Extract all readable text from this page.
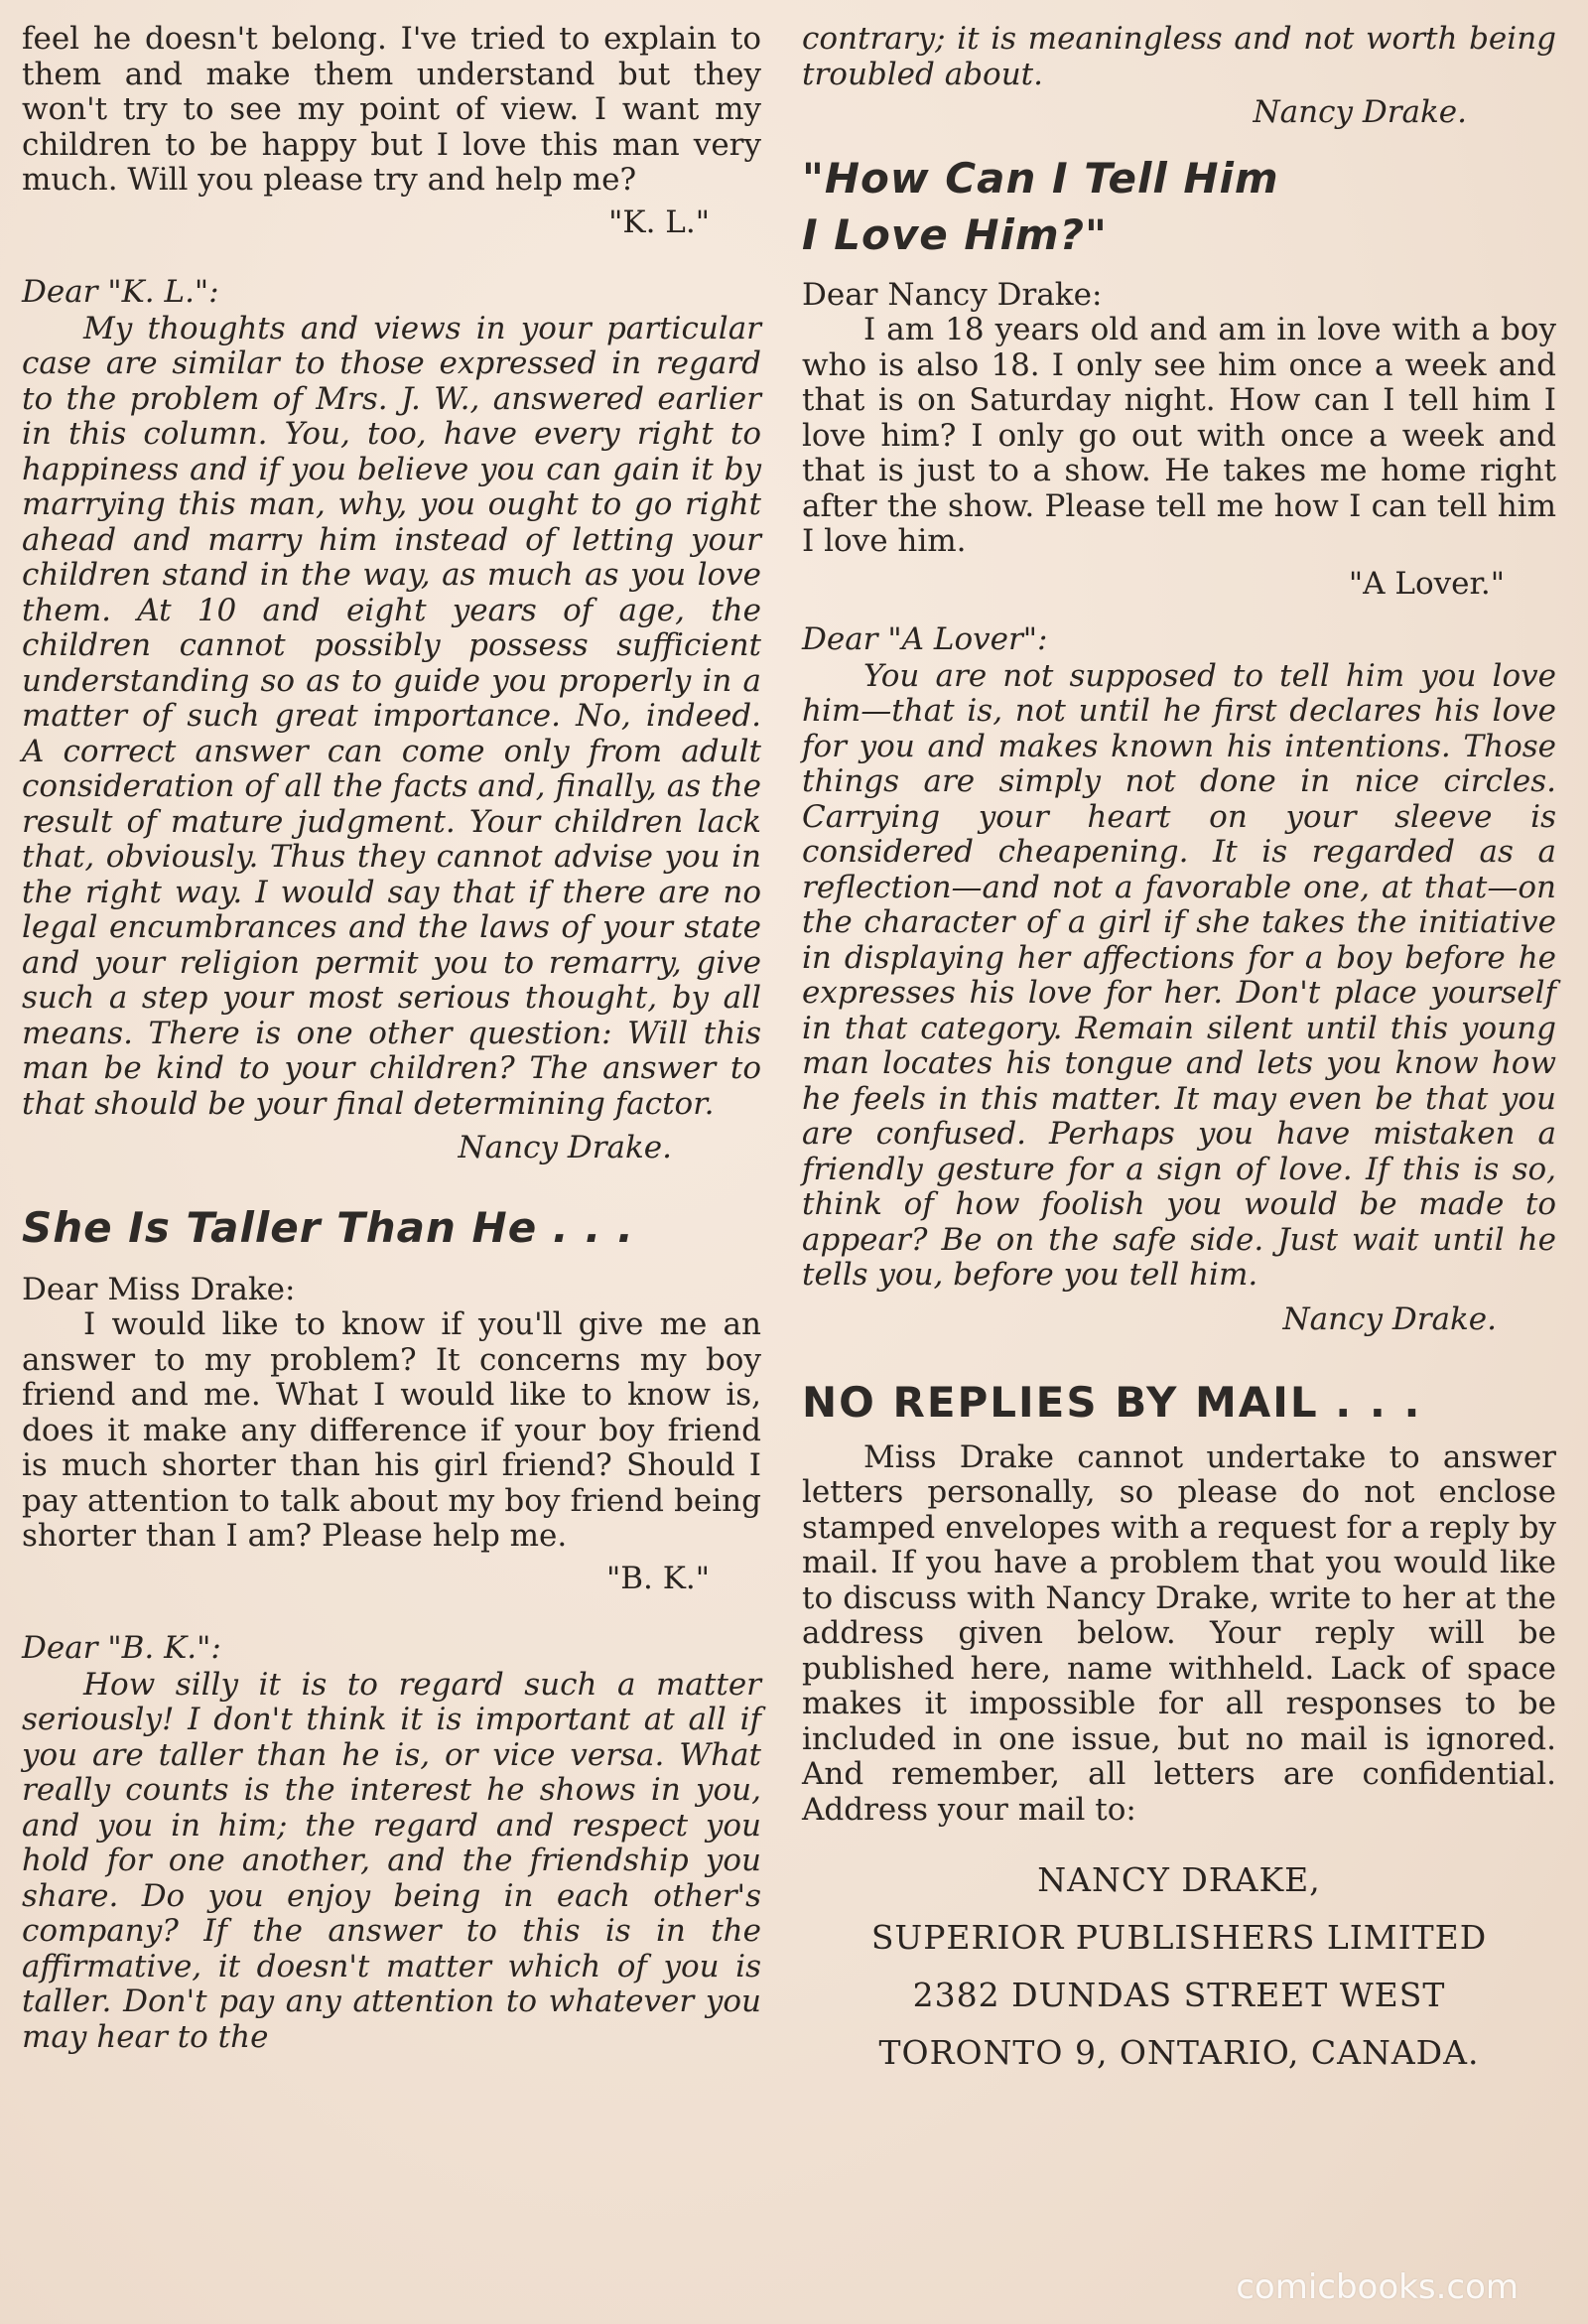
feel he doesn't belong. I've tried to explain to them and make them understand but they won't try to see my point of view. I want my children to be happy but I love this man very much. Will you please try and help me?

"K. L."

Dear "K. L.":

My thoughts and views in your particular case are similar to those expressed in regard to the problem of Mrs. J. W., answered earlier in this column. You, too, have every right to happiness and if you believe you can gain it by marrying this man, why, you ought to go right ahead and marry him instead of letting your children stand in the way, as much as you love them. At 10 and eight years of age, the children cannot possibly possess sufficient understanding so as to guide you properly in a matter of such great importance. No, indeed. A correct answer can come only from adult consideration of all the facts and, finally, as the result of mature judgment. Your children lack that, obviously. Thus they cannot advise you in the right way. I would say that if there are no legal encumbrances and the laws of your state and your religion permit you to remarry, give such a step your most serious thought, by all means. There is one other question: Will this man be kind to your children? The answer to that should be your final determining factor.

Nancy Drake.

She Is Taller Than He . . .

Dear Miss Drake:

I would like to know if you'll give me an answer to my problem? It concerns my boy friend and me. What I would like to know is, does it make any difference if your boy friend is much shorter than his girl friend? Should I pay attention to talk about my boy friend being shorter than I am? Please help me.

"B. K."

Dear "B. K.":

How silly it is to regard such a matter seriously! I don't think it is important at all if you are taller than he is, or vice versa. What really counts is the interest he shows in you, and you in him; the regard and respect you hold for one another, and the friendship you share. Do you enjoy being in each other's company? If the answer to this is in the affirmative, it doesn't matter which of you is taller. Don't pay any attention to whatever you may hear to the

contrary; it is meaningless and not worth being troubled about.

Nancy Drake.

"How Can I Tell Him
I Love Him?"

Dear Nancy Drake:

I am 18 years old and am in love with a boy who is also 18. I only see him once a week and that is on Saturday night. How can I tell him I love him? I only go out with once a week and that is just to a show. He takes me home right after the show. Please tell me how I can tell him I love him.

"A Lover."

Dear "A Lover":

You are not supposed to tell him you love him—that is, not until he first declares his love for you and makes known his intentions. Those things are simply not done in nice circles. Carrying your heart on your sleeve is considered cheapening. It is regarded as a reflection—and not a favorable one, at that—on the character of a girl if she takes the initiative in displaying her affections for a boy before he expresses his love for her. Don't place yourself in that category. Remain silent until this young man locates his tongue and lets you know how he feels in this matter. It may even be that you are confused. Perhaps you have mistaken a friendly gesture for a sign of love. If this is so, think of how foolish you would be made to appear? Be on the safe side. Just wait until he tells you, before you tell him.

Nancy Drake.

NO REPLIES BY MAIL . . .

Miss Drake cannot undertake to answer letters personally, so please do not enclose stamped envelopes with a request for a reply by mail. If you have a problem that you would like to discuss with Nancy Drake, write to her at the address given below. Your reply will be published here, name withheld. Lack of space makes it impossible for all responses to be included in one issue, but no mail is ignored. And remember, all letters are confidential. Address your mail to:

NANCY DRAKE,

SUPERIOR PUBLISHERS LIMITED

2382 DUNDAS STREET WEST

TORONTO 9, ONTARIO, CANADA.

comicbooks.com
